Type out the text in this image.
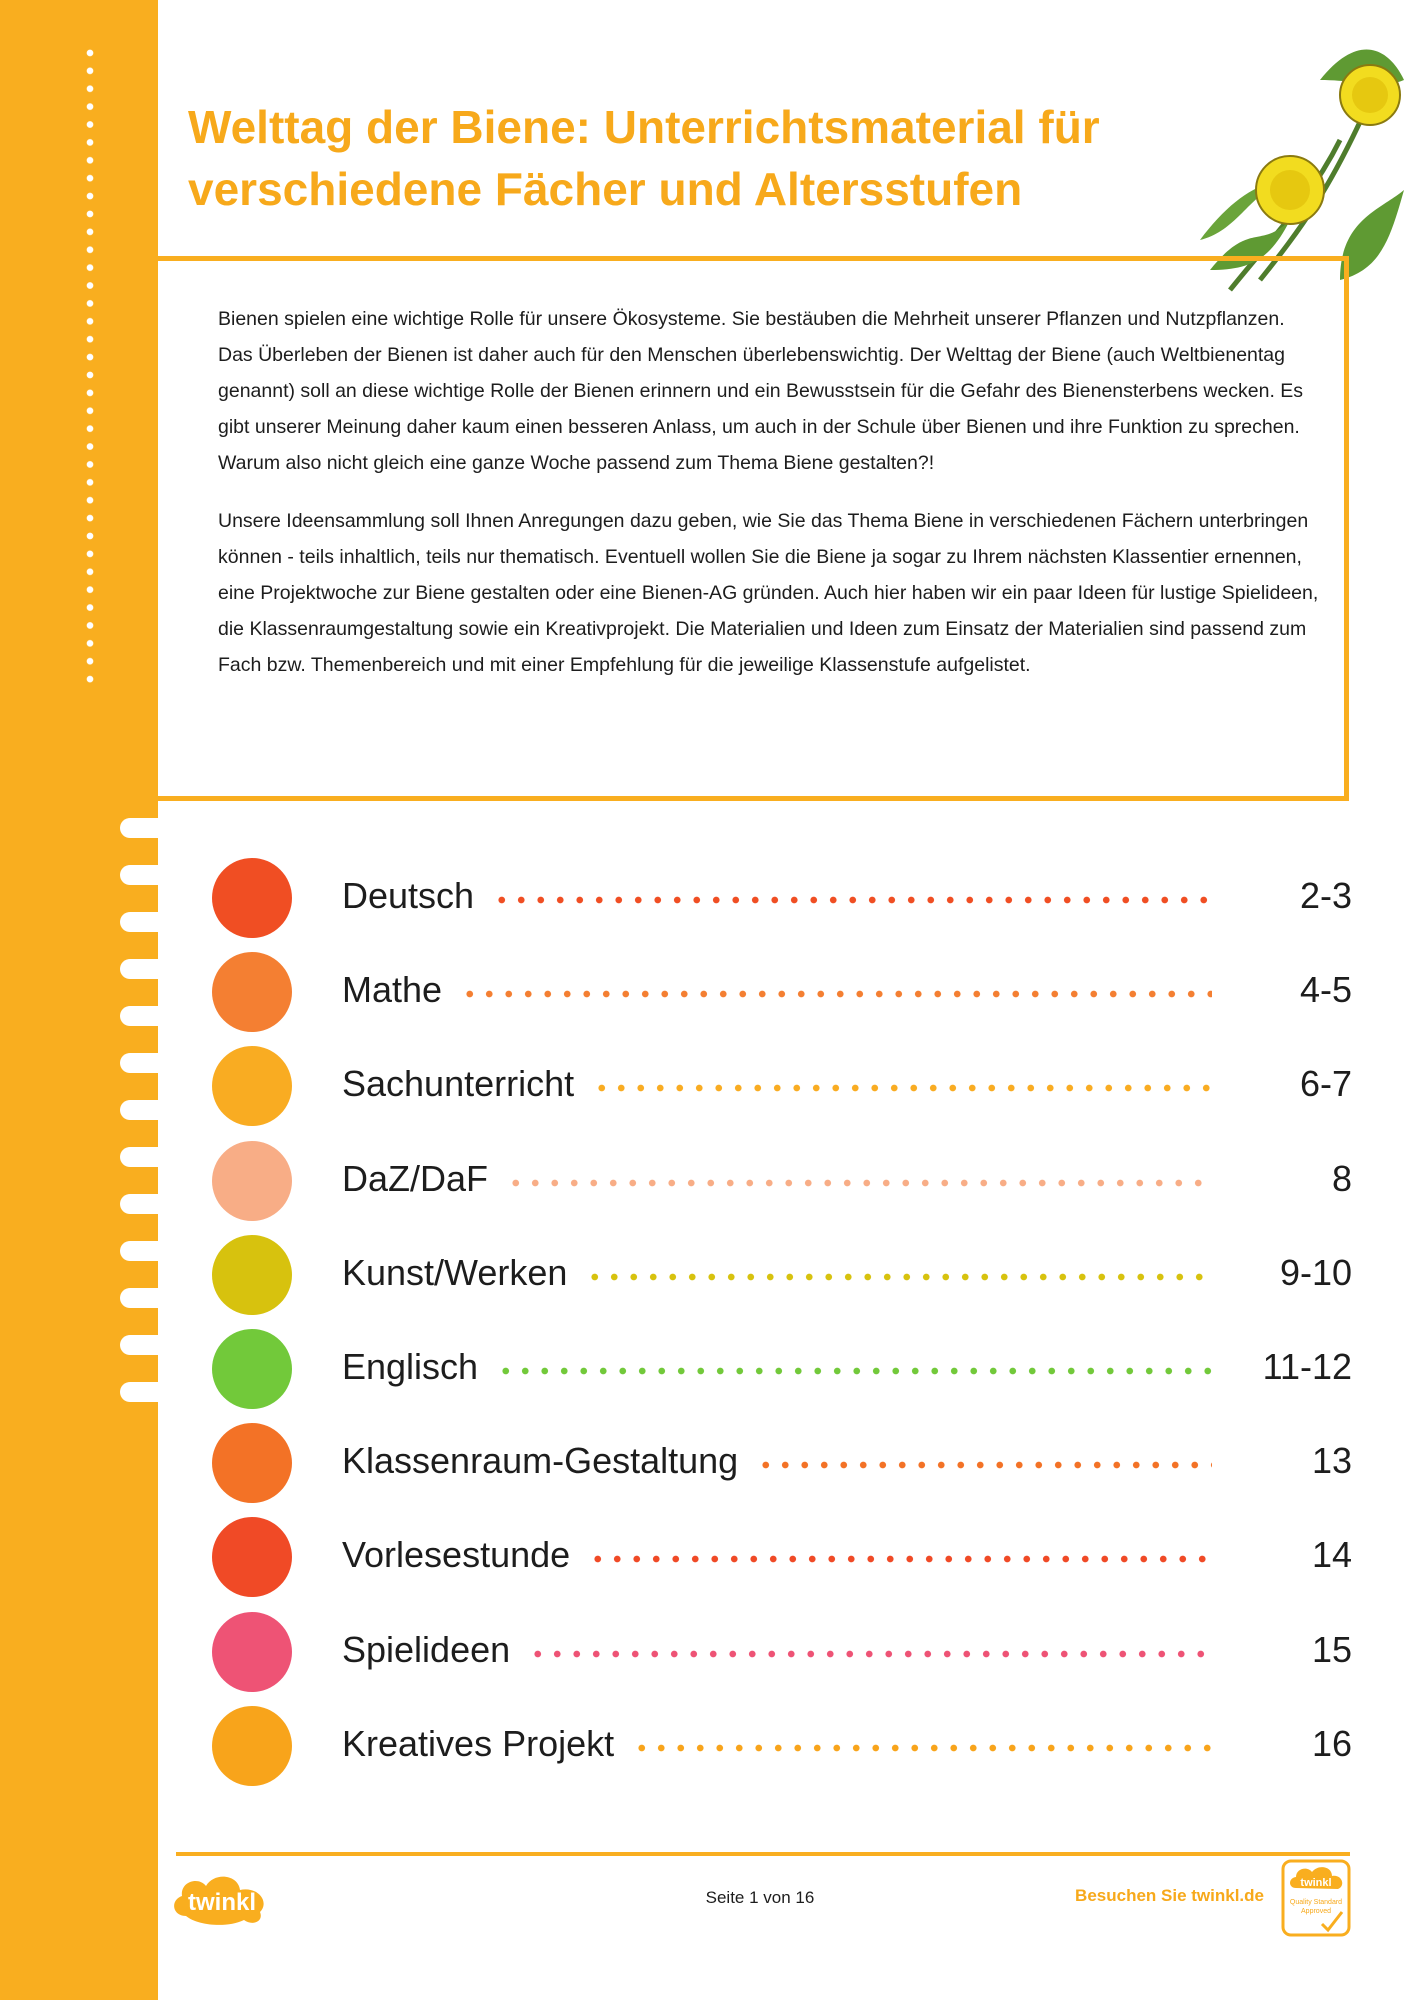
Welttag der Biene: Unterrichtsmaterial für verschiedene Fächer und Altersstufen

Bienen spielen eine wichtige Rolle für unsere Ökosysteme. Sie bestäuben die Mehrheit unserer Pflanzen und Nutzpflanzen. Das Überleben der Bienen ist daher auch für den Menschen überlebenswichtig. Der Welttag der Biene (auch Weltbienentag genannt) soll an diese wichtige Rolle der Bienen erinnern und ein Bewusstsein für die Gefahr des Bienensterbens wecken. Es gibt unserer Meinung daher kaum einen besseren Anlass, um auch in der Schule über Bienen und ihre Funktion zu sprechen. Warum also nicht gleich eine ganze Woche passend zum Thema Biene gestalten?!

Unsere Ideensammlung soll Ihnen Anregungen dazu geben, wie Sie das Thema Biene in verschiedenen Fächern unterbringen können - teils inhaltlich, teils nur thematisch. Eventuell wollen Sie die Biene ja sogar zu Ihrem nächsten Klassentier ernennen, eine Projektwoche zur Biene gestalten oder eine Bienen-AG gründen. Auch hier haben wir ein paar Ideen für lustige Spielideen, die Klassenraumgestaltung sowie ein Kreativprojekt. Die Materialien und Ideen zum Einsatz der Materialien sind passend zum Fach bzw. Themenbereich und mit einer Empfehlung für die jeweilige Klassenstufe aufgelistet.

Deutsch	2-3
Mathe	4-5
Sachunterricht	6-7
DaZ/DaF	8
Kunst/Werken	9-10
Englisch	11-12
Klassenraum-Gestaltung	13
Vorlesestunde	14
Spielideen	15
Kreatives Projekt	16
twinkl	Seite 1 von 16	Besuchen Sie twinkl.de
twinkl
Quality Standard Approved
